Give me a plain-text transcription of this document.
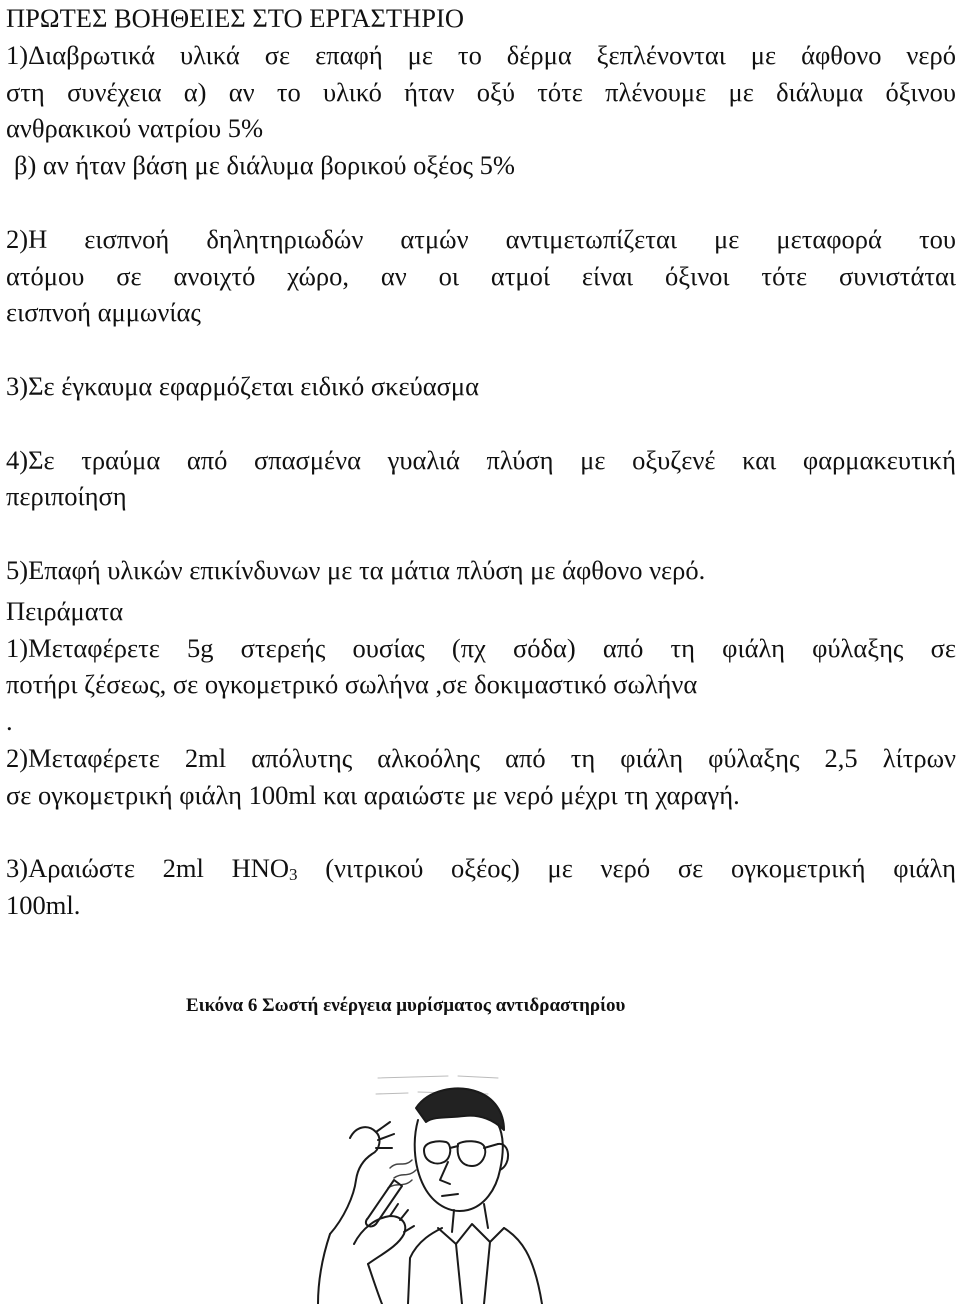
ΠΡΩΤΕΣ ΒΟΗΘΕΙΕΣ ΣΤΟ ΕΡΓΑΣΤΗΡΙΟ
1)Διαβρωτικά υλικά σε επαφή με το δέρμα ξεπλένονται με άφθονο νερό
στη συνέχεια α) αν το υλικό ήταν οξύ τότε πλένουμε με διάλυμα όξινου
ανθρακικού νατρίου 5%
β) αν ήταν βάση με διάλυμα βορικού οξέος 5%
2)Η εισπνοή δηλητηριωδών ατμών αντιμετωπίζεται με μεταφορά του
ατόμου σε ανοιχτό χώρο, αν οι ατμοί είναι όξινοι τότε συνιστάται
εισπνοή αμμωνίας
3)Σε έγκαυμα εφαρμόζεται ειδικό σκεύασμα
4)Σε τραύμα από σπασμένα γυαλιά πλύση με οξυζενέ και φαρμακευτική
περιποίηση
5)Επαφή υλικών επικίνδυνων με τα μάτια πλύση με άφθονο νερό.
Πειράματα
1)Μεταφέρετε 5g στερεής ουσίας (πχ σόδα) από τη φιάλη φύλαξης σε
ποτήρι ζέσεως, σε ογκομετρικό σωλήνα ,σε δοκιμαστικό σωλήνα
.
2)Μεταφέρετε 2ml απόλυτης αλκοόλης από τη φιάλη φύλαξης 2,5 λίτρων
σε ογκομετρική φιάλη 100ml και αραιώστε με νερό μέχρι τη χαραγή.
3)Αραιώστε 2ml $HNO_3$ (νιτρικού οξέος) με νερό σε ογκομετρική φιάλη
100ml.
Εικόνα 6 Σωστή ενέργεια μυρίσματος αντιδραστηρίου
